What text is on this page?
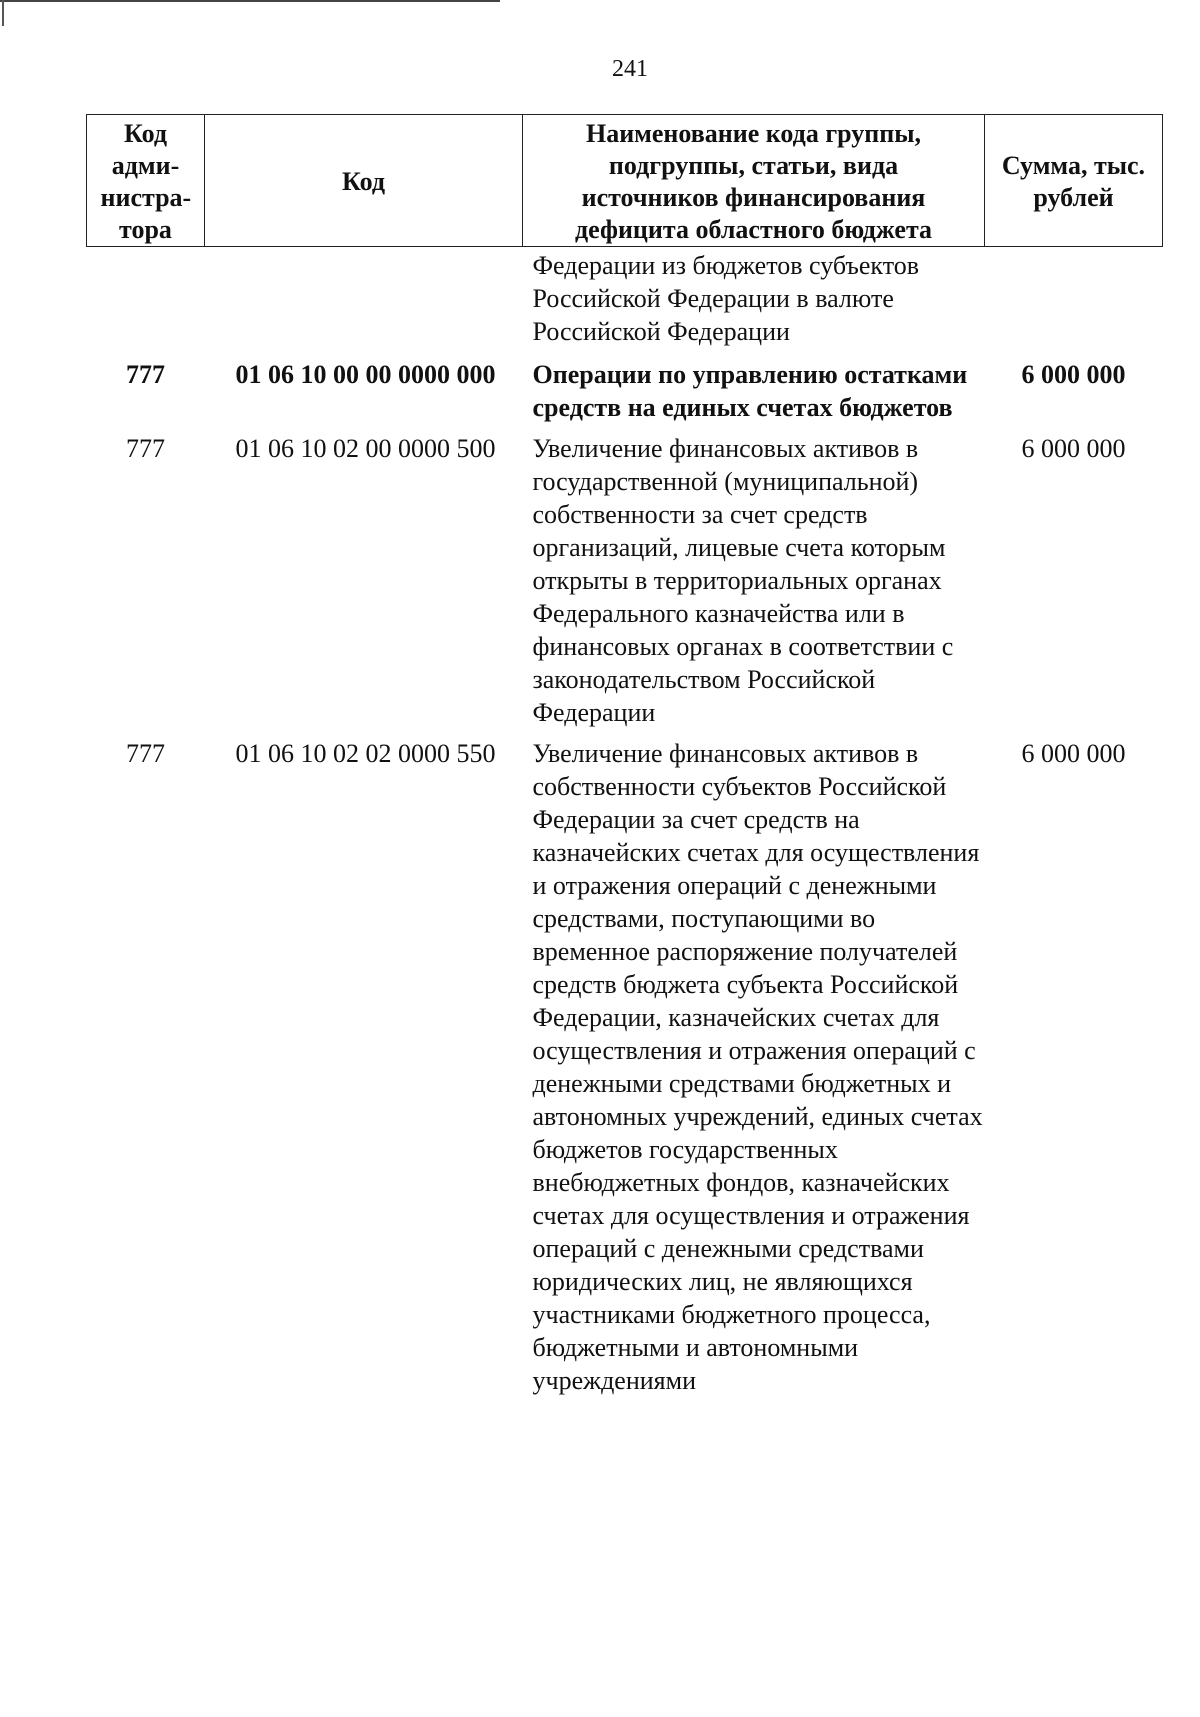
241
Код адми-нистра-тора	Код	Наименование кода группы, подгруппы, статьи, вида источников финансирования дефицита областного бюджета	Сумма, тыс. рублей

		Федерации из бюджетов субъектов Российской Федерации в валюте Российской Федерации	
777	01 06 10 00 00 0000 000	Операции по управлению остатками средств на единых счетах бюджетов	6 000 000
777	01 06 10 02 00 0000 500	Увеличение финансовых активов в государственной (муниципальной) собственности за счет средств организаций, лицевые счета которым открыты в территориальных органах Федерального казначейства или в финансовых органах в соответствии с законодательством Российской Федерации	6 000 000
777	01 06 10 02 02 0000 550	Увеличение финансовых активов в собственности субъектов Российской Федерации за счет средств на казначейских счетах для осуществления и отражения операций с денежными средствами, поступающими во временное распоряжение получателей средств бюджета субъекта Российской Федерации, казначейских счетах для осуществления и отражения операций с денежными средствами бюджетных и автономных учреждений, единых счетах бюджетов государственных внебюджетных фондов, казначейских счетах для осуществления и отражения операций с денежными средствами юридических лиц, не являющихся участниками бюджетного процесса, бюджетными и автономными учреждениями	6 000 000
